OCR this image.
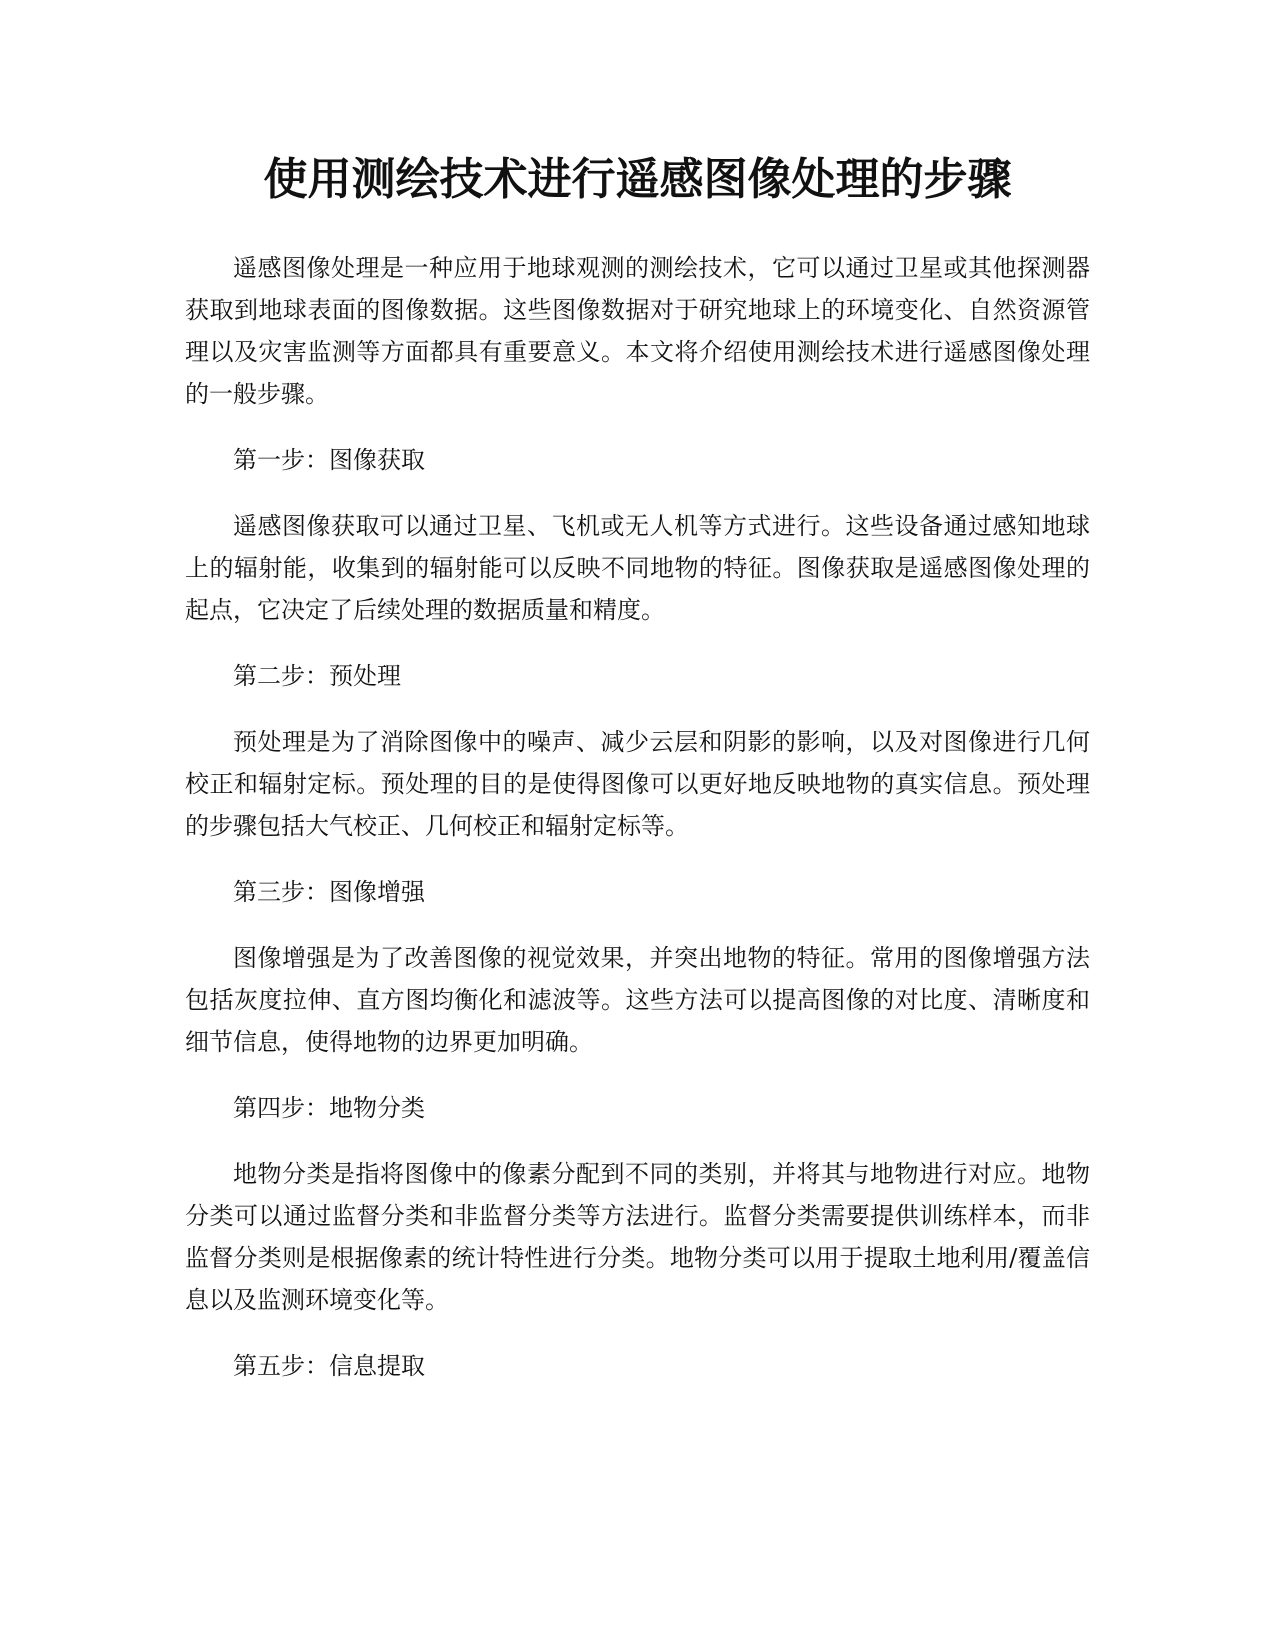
使用测绘技术进行遥感图像处理的步骤

遥感图像处理是一种应用于地球观测的测绘技术，它可以通过卫星或其他探测器获取到地球表面的图像数据。这些图像数据对于研究地球上的环境变化、自然资源管理以及灾害监测等方面都具有重要意义。本文将介绍使用测绘技术进行遥感图像处理的一般步骤。

第一步：图像获取

遥感图像获取可以通过卫星、飞机或无人机等方式进行。这些设备通过感知地球上的辐射能，收集到的辐射能可以反映不同地物的特征。图像获取是遥感图像处理的起点，它决定了后续处理的数据质量和精度。

第二步：预处理

预处理是为了消除图像中的噪声、减少云层和阴影的影响，以及对图像进行几何校正和辐射定标。预处理的目的是使得图像可以更好地反映地物的真实信息。预处理的步骤包括大气校正、几何校正和辐射定标等。

第三步：图像增强

图像增强是为了改善图像的视觉效果，并突出地物的特征。常用的图像增强方法包括灰度拉伸、直方图均衡化和滤波等。这些方法可以提高图像的对比度、清晰度和细节信息，使得地物的边界更加明确。

第四步：地物分类

地物分类是指将图像中的像素分配到不同的类别，并将其与地物进行对应。地物分类可以通过监督分类和非监督分类等方法进行。监督分类需要提供训练样本，而非监督分类则是根据像素的统计特性进行分类。地物分类可以用于提取土地利用/覆盖信息以及监测环境变化等。

第五步：信息提取
